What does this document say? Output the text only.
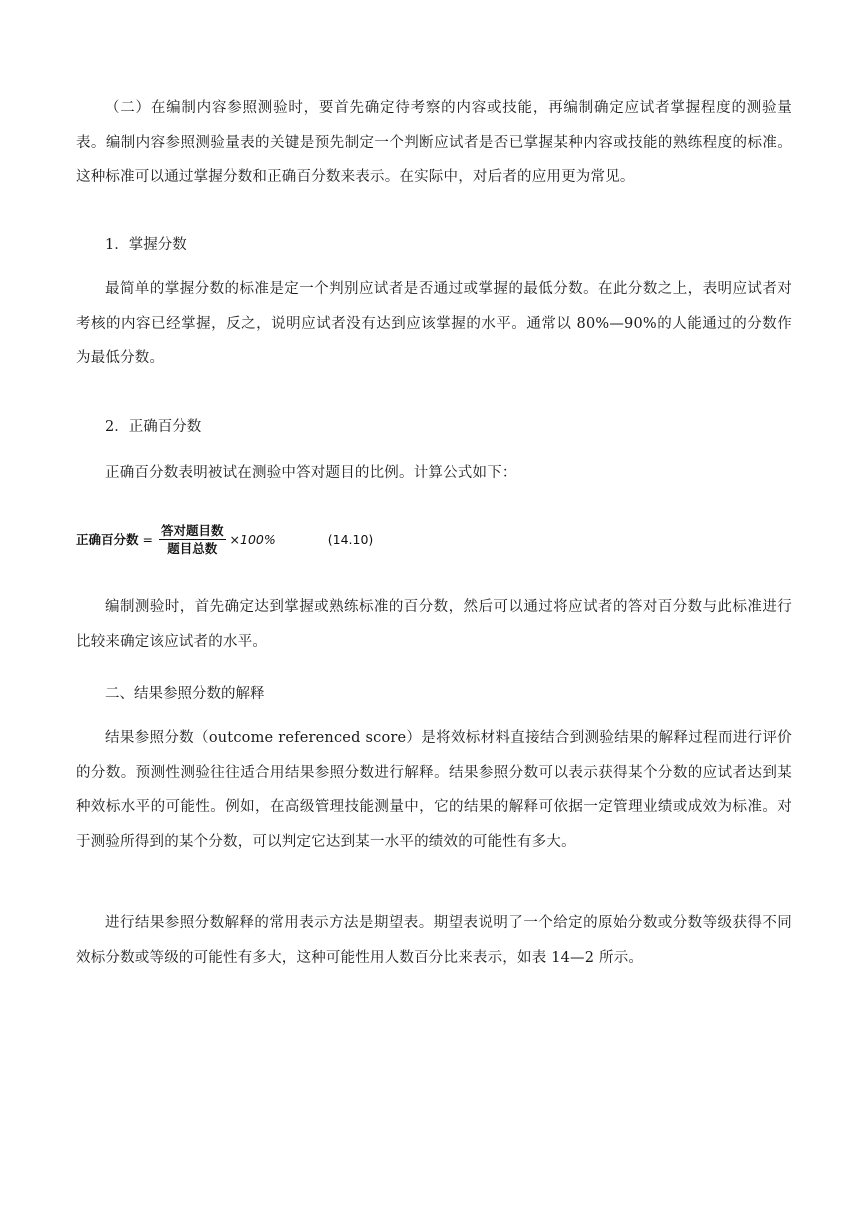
（二）在编制内容参照测验时，要首先确定待考察的内容或技能，再编制确定应试者掌握程度的测验量表。编制内容参照测验量表的关键是预先制定一个判断应试者是否已掌握某种内容或技能的熟练程度的标准。这种标准可以通过掌握分数和正确百分数来表示。在实际中，对后者的应用更为常见。

1．掌握分数

最简单的掌握分数的标准是定一个判别应试者是否通过或掌握的最低分数。在此分数之上，表明应试者对考核的内容已经掌握，反之，说明应试者没有达到应该掌握的水平。通常以 80%—90%的人能通过的分数作为最低分数。

2．正确百分数

正确百分数表明被试在测验中答对题目的比例。计算公式如下：

正确百分数 = $\frac{\text{答对题目数}}{\text{题目总数}} \times 100\%$	(14.10)

编制测验时，首先确定达到掌握或熟练标准的百分数，然后可以通过将应试者的答对百分数与此标准进行比较来确定该应试者的水平。

二、结果参照分数的解释

结果参照分数（outcome referenced score）是将效标材料直接结合到测验结果的解释过程而进行评价的分数。预测性测验往往适合用结果参照分数进行解释。结果参照分数可以表示获得某个分数的应试者达到某种效标水平的可能性。例如，在高级管理技能测量中，它的结果的解释可依据一定管理业绩或成效为标准。对于测验所得到的某个分数，可以判定它达到某一水平的绩效的可能性有多大。

进行结果参照分数解释的常用表示方法是期望表。期望表说明了一个给定的原始分数或分数等级获得不同效标分数或等级的可能性有多大，这种可能性用人数百分比来表示，如表 14—2 所示。
